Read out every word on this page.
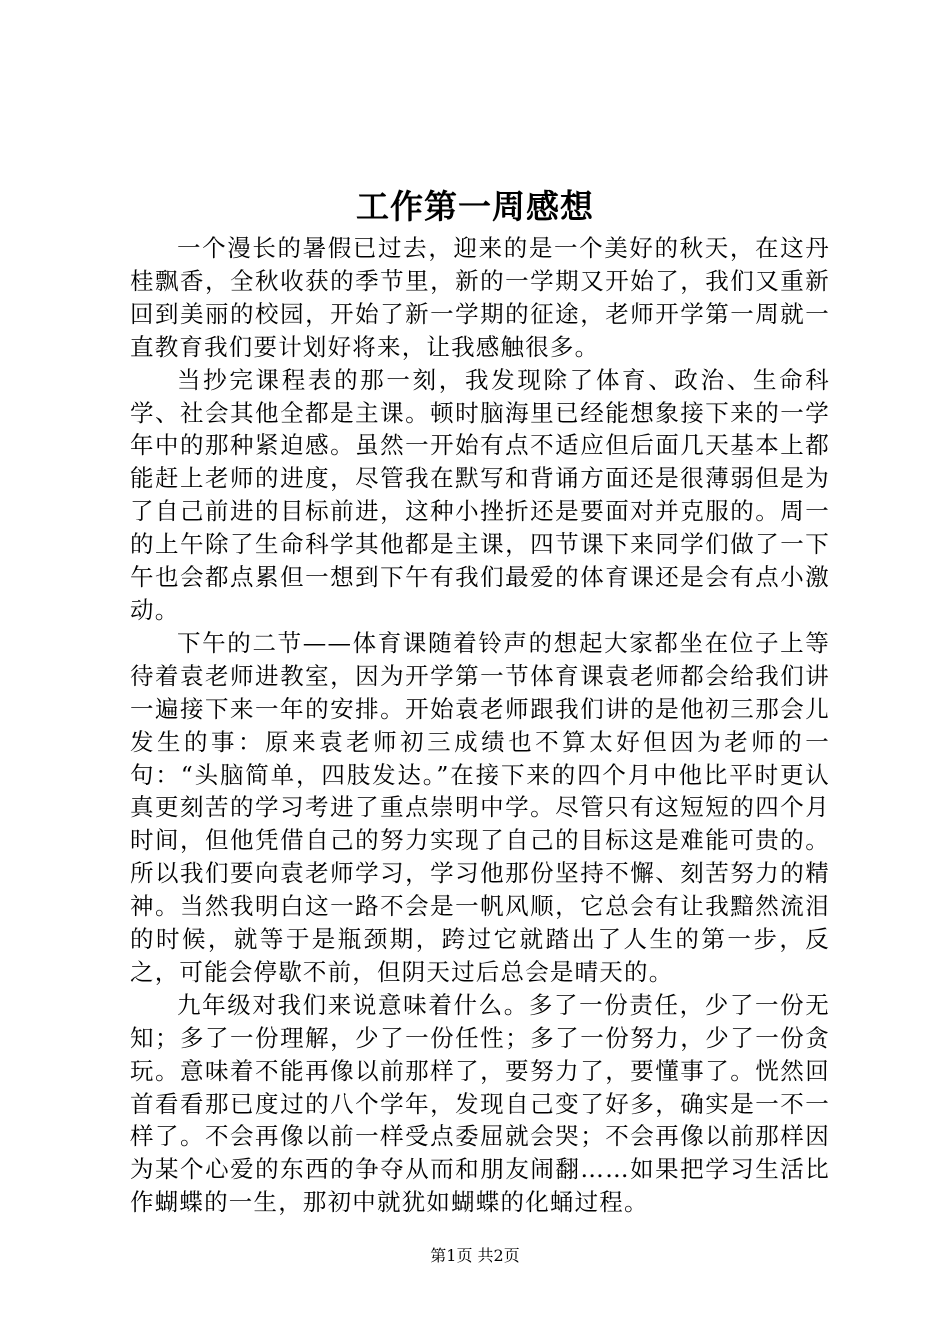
工作第一周感想

一个漫长的暑假已过去，迎来的是一个美好的秋天，在这丹桂飘香，全秋收获的季节里，新的一学期又开始了，我们又重新回到美丽的校园，开始了新一学期的征途，老师开学第一周就一直教育我们要计划好将来，让我感触很多。

当抄完课程表的那一刻，我发现除了体育、政治、生命科学、社会其他全都是主课。顿时脑海里已经能想象接下来的一学年中的那种紧迫感。虽然一开始有点不适应但后面几天基本上都能赶上老师的进度，尽管我在默写和背诵方面还是很薄弱但是为了自己前进的目标前进，这种小挫折还是要面对并克服的。周一的上午除了生命科学其他都是主课，四节课下来同学们做了一下午也会都点累但一想到下午有我们最爱的体育课还是会有点小激动。

下午的二节——体育课随着铃声的想起大家都坐在位子上等待着袁老师进教室，因为开学第一节体育课袁老师都会给我们讲一遍接下来一年的安排。开始袁老师跟我们讲的是他初三那会儿发生的事：原来袁老师初三成绩也不算太好但因为老师的一句：“头脑简单，四肢发达。”在接下来的四个月中他比平时更认真更刻苦的学习考进了重点崇明中学。尽管只有这短短的四个月时间，但他凭借自己的努力实现了自己的目标这是难能可贵的。所以我们要向袁老师学习，学习他那份坚持不懈、刻苦努力的精神。当然我明白这一路不会是一帆风顺，它总会有让我黯然流泪的时候，就等于是瓶颈期，跨过它就踏出了人生的第一步，反之，可能会停歇不前，但阴天过后总会是晴天的。

九年级对我们来说意味着什么。多了一份责任，少了一份无知；多了一份理解，少了一份任性；多了一份努力，少了一份贪玩。意味着不能再像以前那样了，要努力了，要懂事了。恍然回首看看那已度过的八个学年，发现自己变了好多，确实是一不一样了。不会再像以前一样受点委屈就会哭；不会再像以前那样因为某个心爱的东西的争夺从而和朋友闹翻……如果把学习生活比作蝴蝶的一生，那初中就犹如蝴蝶的化蛹过程。

第1页 共2页
